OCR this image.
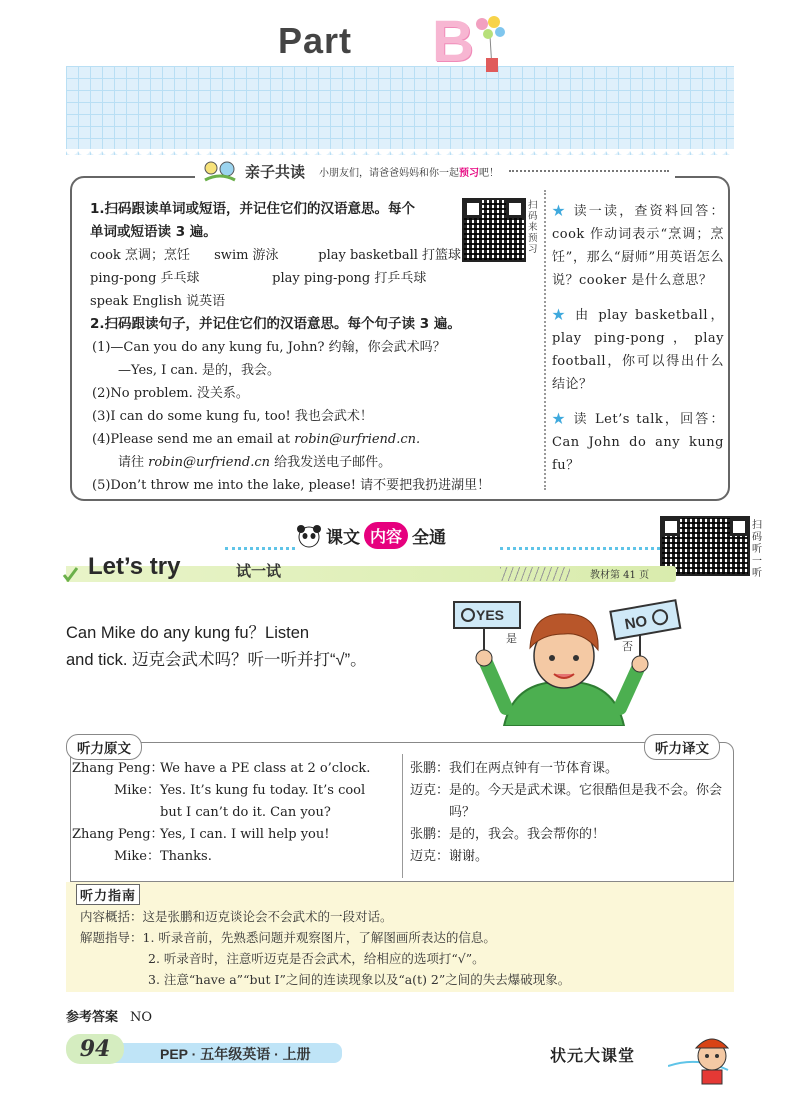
Part B
亲子共读 小朋友们，请爸爸妈妈和你一起预习吧！
1.扫码跟读单词或短语，并记住它们的汉语意思。每个
单词或短语读 3 遍。
cook 烹调；烹饪 swim 游泳	play basketball 打篮球
ping-pong 乒乓球	play ping-pong 打乒乓球
speak English 说英语
2.扫码跟读句子，并记住它们的汉语意思。每个句子读 3 遍。
(1)—Can you do any kung fu, John? 约翰，你会武术吗？
—Yes, I can. 是的，我会。
(2)No problem. 没关系。
(3)I can do some kung fu, too! 我也会武术！
(4)Please send me an email at robin@urfriend.cn.
请往 robin@urfriend.cn 给我发送电子邮件。
(5)Don’t throw me into the lake, please! 请不要把我扔进湖里！
扫码来预习

★ 读一读，查资料回答：cook 作动词表示“烹调；烹饪”，那么“厨师”用英语怎么说？cooker 是什么意思？

★ 由 play basketball，play ping-pong，play football，你可以得出什么结论？

★ 读 Let’s talk，回答：Can John do any kung fu？

课文 内容 全通
扫码听一听
Let’s try	试一试	教材第 41 页
Can Mike do any kung fu？Listen
and tick. 迈克会武术吗？听一听并打“√”。
YES
是
NO
否
听力原文	听力译文
Zhang Peng：
We have a PE class at 2 o’clock.
Mike： Yes. It’s kung fu today. It’s cool
but I can’t do it. Can you?
Zhang Peng：
Yes, I can. I will help you!
Mike： Thanks.
张鹏： 我们在两点钟有一节体育课。
迈克： 是的。今天是武术课。它很酷但是我不会。你会吗？
张鹏： 是的，我会。我会帮你的！
迈克： 谢谢。
听力指南
内容概括：这是张鹏和迈克谈论会不会武术的一段对话。
解题指导：1. 听录音前，先熟悉问题并观察图片，了解图画所表达的信息。
2. 听录音时，注意听迈克是否会武术，给相应的选项打“√”。
3. 注意“have a”“but I”之间的连读现象以及“a(t) 2”之间的失去爆破现象。
参考答案 NO
94	PEP · 五年级英语 · 上册	状元大课堂
